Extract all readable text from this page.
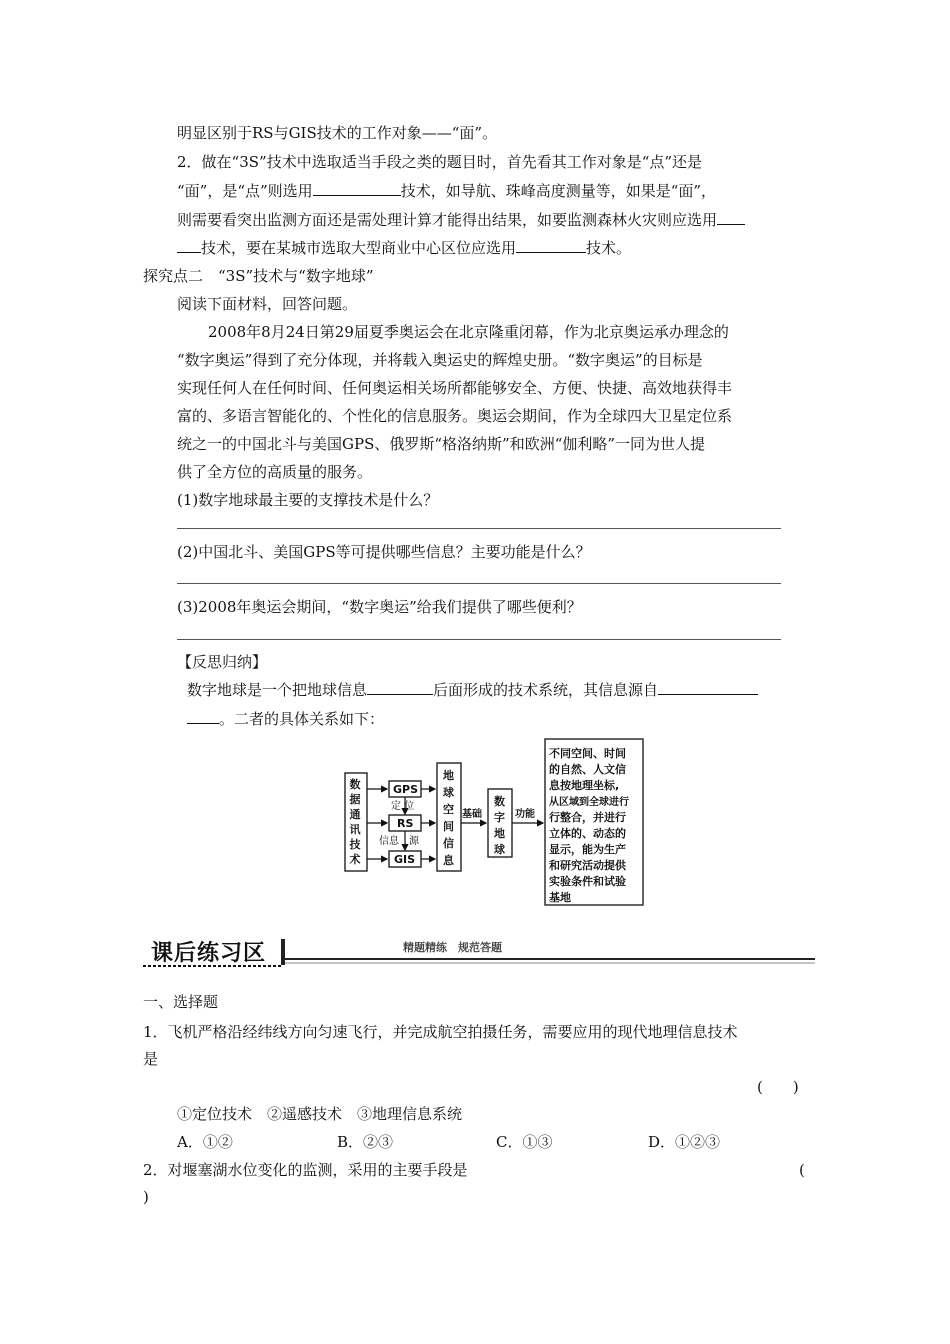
明显区别于RS与GIS技术的工作对象——“面”。
2．做在“3S”技术中选取适当手段之类的题目时，首先看其工作对象是“点”还是
“面”，是“点”则选用	技术，如导航、珠峰高度测量等，如果是“面”，
则需要看突出监测方面还是需处理计算才能得出结果，如要监测森林火灾则应选用
技术，要在某城市选取大型商业中心区位应选用	技术。
探究点二　“3S”技术与“数字地球”
阅读下面材料，回答问题。
2008年8月24日第29届夏季奥运会在北京隆重闭幕，作为北京奥运承办理念的
“数字奥运”得到了充分体现，并将载入奥运史的辉煌史册。“数字奥运”的目标是
实现任何人在任何时间、任何奥运相关场所都能够安全、方便、快捷、高效地获得丰
富的、多语言智能化的、个性化的信息服务。奥运会期间，作为全球四大卫星定位系
统之一的中国北斗与美国GPS、俄罗斯“格洛纳斯”和欧洲“伽利略”一同为世人提
供了全方位的高质量的服务。
(1)数字地球最主要的支撑技术是什么？
(2)中国北斗、美国GPS等可提供哪些信息？主要功能是什么？
(3)2008年奥运会期间，“数字奥运”给我们提供了哪些便利？
【反思归纳】
数字地球是一个把地球信息	后面形成的技术系统，其信息源自
。二者的具体关系如下：
数
据
通
讯
技
术
GPS
RS
GIS
定 位
信息 源
地
球
空
间
信
息
基础
数
字
地
球
功能
不同空间、时间
的自然、人文信
息按地理坐标,
从区域到全球进行
行整合，并进行
立体的、动态的
显示，能为生产
和研究活动提供
实验条件和试验
基地
课后练习区	精题精练　规范答题
一、选择题
1．飞机严格沿经纬线方向匀速飞行，并完成航空拍摄任务，需要应用的现代地理信息技术
是
(　　)
①定位技术　②遥感技术　③地理信息系统
A．①②	B．②③	C．①③	D．①②③
2．对堰塞湖水位变化的监测，采用的主要手段是	(
)
